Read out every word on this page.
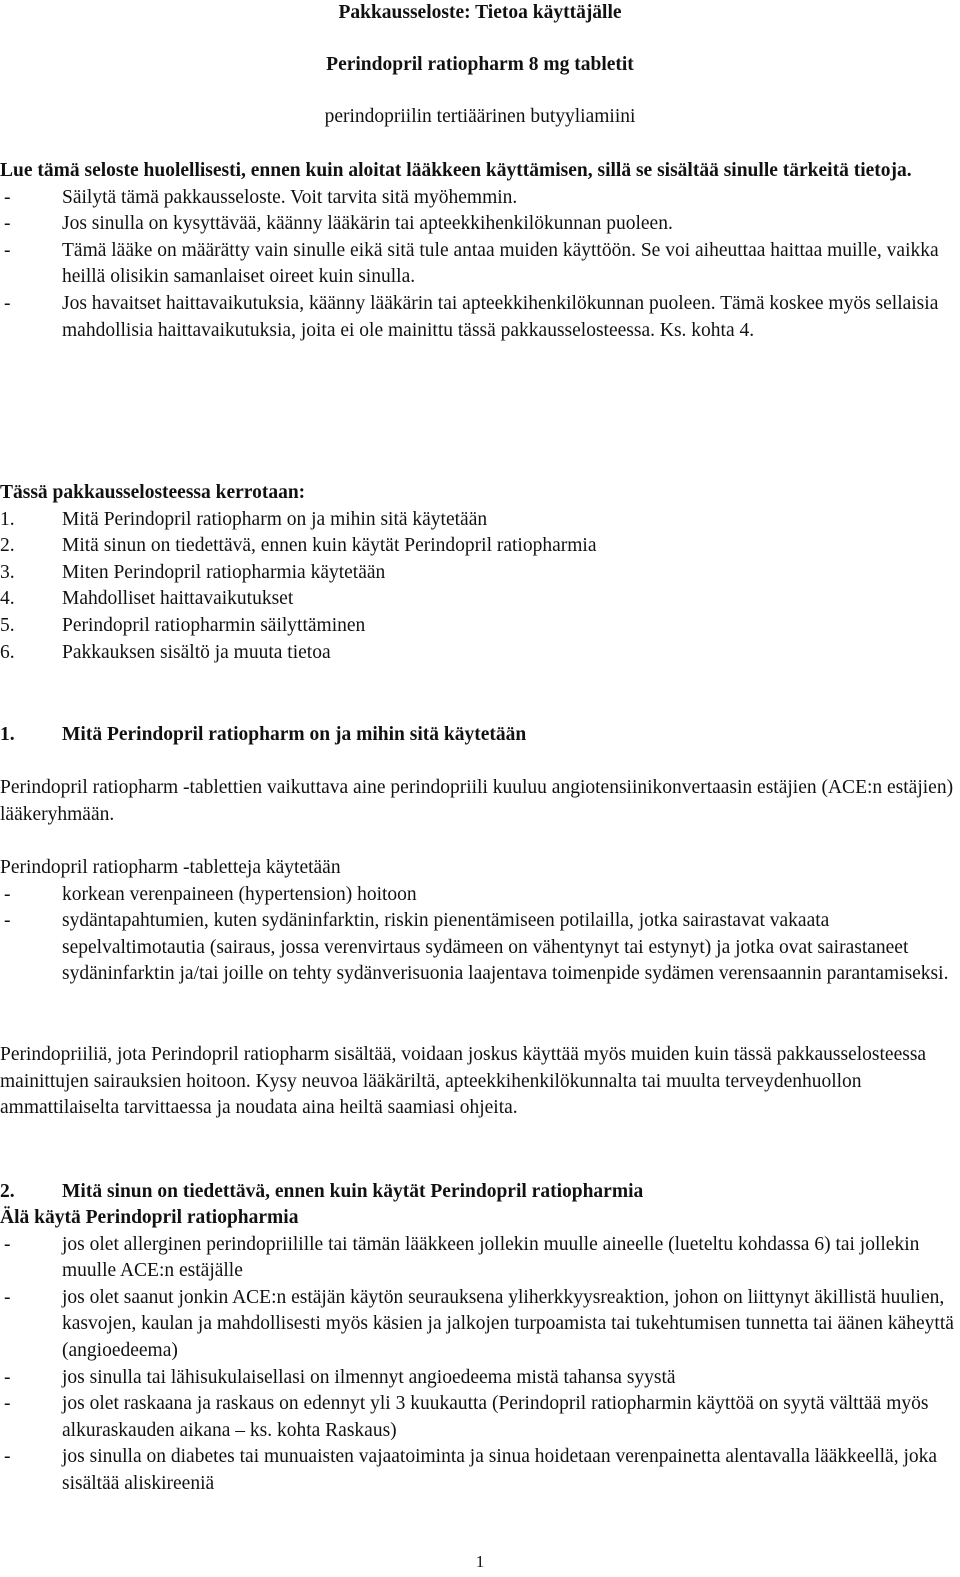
Pakkausseloste: Tietoa käyttäjälle
Perindopril ratiopharm 8 mg tabletit
perindopriilin tertiäärinen butyyliamiini

Lue tämä seloste huolellisesti, ennen kuin aloitat lääkkeen käyttämisen, sillä se sisältää sinulle tärkeitä tietoja.

-	Säilytä tämä pakkausseloste. Voit tarvita sitä myöhemmin.
-	Jos sinulla on kysyttävää, käänny lääkärin tai apteekkihenkilökunnan puoleen.
-	Tämä lääke on määrätty vain sinulle eikä sitä tule antaa muiden käyttöön. Se voi aiheuttaa haittaa muille, vaikka heillä olisikin samanlaiset oireet kuin sinulla.
-	Jos havaitset haittavaikutuksia, käänny lääkärin tai apteekkihenkilökunnan puoleen. Tämä koskee myös sellaisia mahdollisia haittavaikutuksia, joita ei ole mainittu tässä pakkausselosteessa. Ks. kohta 4.

Tässä pakkausselosteessa kerrotaan:

1. Mitä Perindopril ratiopharm on ja mihin sitä käytetään
2. Mitä sinun on tiedettävä, ennen kuin käytät Perindopril ratiopharmia
3. Miten Perindopril ratiopharmia käytetään
4. Mahdolliset haittavaikutukset
5. Perindopril ratiopharmin säilyttäminen
6. Pakkauksen sisältö ja muuta tietoa
1. Mitä Perindopril ratiopharm on ja mihin sitä käytetään

Perindopril ratiopharm -tablettien vaikuttava aine perindopriili kuuluu angiotensiinikonvertaasin estäjien (ACE:n estäjien) lääkeryhmään.

Perindopril ratiopharm -tabletteja käytetään

-	korkean verenpaineen (hypertension) hoitoon
-	sydäntapahtumien, kuten sydäninfarktin, riskin pienentämiseen potilailla, jotka sairastavat vakaata sepelvaltimotautia (sairaus, jossa verenvirtaus sydämeen on vähentynyt tai estynyt) ja jotka ovat sairastaneet sydäninfarktin ja/tai joille on tehty sydänverisuonia laajentava toimenpide sydämen verensaannin parantamiseksi.

Perindopriiliä, jota Perindopril ratiopharm sisältää, voidaan joskus käyttää myös muiden kuin tässä pakkausselosteessa mainittujen sairauksien hoitoon. Kysy neuvoa lääkäriltä, apteekkihenkilökunnalta tai muulta terveydenhuollon ammattilaiselta tarvittaessa ja noudata aina heiltä saamiasi ohjeita.

2. Mitä sinun on tiedettävä, ennen kuin käytät Perindopril ratiopharmia

Älä käytä Perindopril ratiopharmia

-	jos olet allerginen perindopriilille tai tämän lääkkeen jollekin muulle aineelle (lueteltu kohdassa 6) tai jollekin muulle ACE:n estäjälle
-	jos olet saanut jonkin ACE:n estäjän käytön seurauksena yliherkkyysreaktion, johon on liittynyt äkillistä huulien, kasvojen, kaulan ja mahdollisesti myös käsien ja jalkojen turpoamista tai tukehtumisen tunnetta tai äänen käheyttä (angioedeema)
-	jos sinulla tai lähisukulaisellasi on ilmennyt angioedeema mistä tahansa syystä
-	jos olet raskaana ja raskaus on edennyt yli 3 kuukautta (Perindopril ratiopharmin käyttöä on syytä välttää myös alkuraskauden aikana – ks. kohta Raskaus)
-	jos sinulla on diabetes tai munuaisten vajaatoiminta ja sinua hoidetaan verenpainetta alentavalla lääkkeellä, joka sisältää aliskireeniä
1
